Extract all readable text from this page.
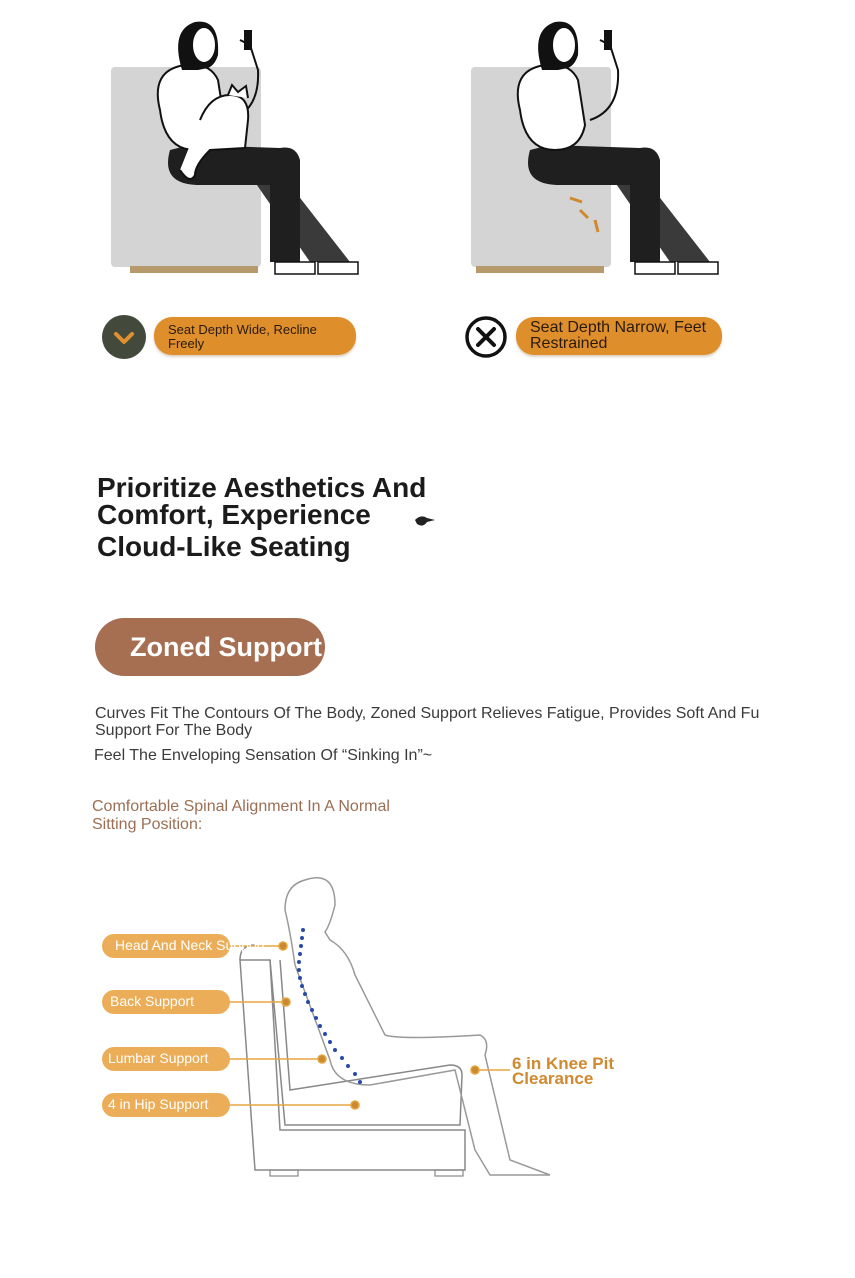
Seat Depth Wide, Recline
Freely
Seat Depth Narrow, Feet
Restrained
Prioritize Aesthetics And
Comfort, Experience
Cloud-Like Seating
Zoned Support
Curves Fit The Contours Of The Body, Zoned Support Relieves Fatigue, Provides Soft And Fu
Support For The Body
Feel The Enveloping Sensation Of “Sinking In”~
Comfortable Spinal Alignment In A Normal
Sitting Position:
Head And Neck Support
Back Support
Lumbar Support
4 in Hip Support
6 in Knee Pit
Clearance
